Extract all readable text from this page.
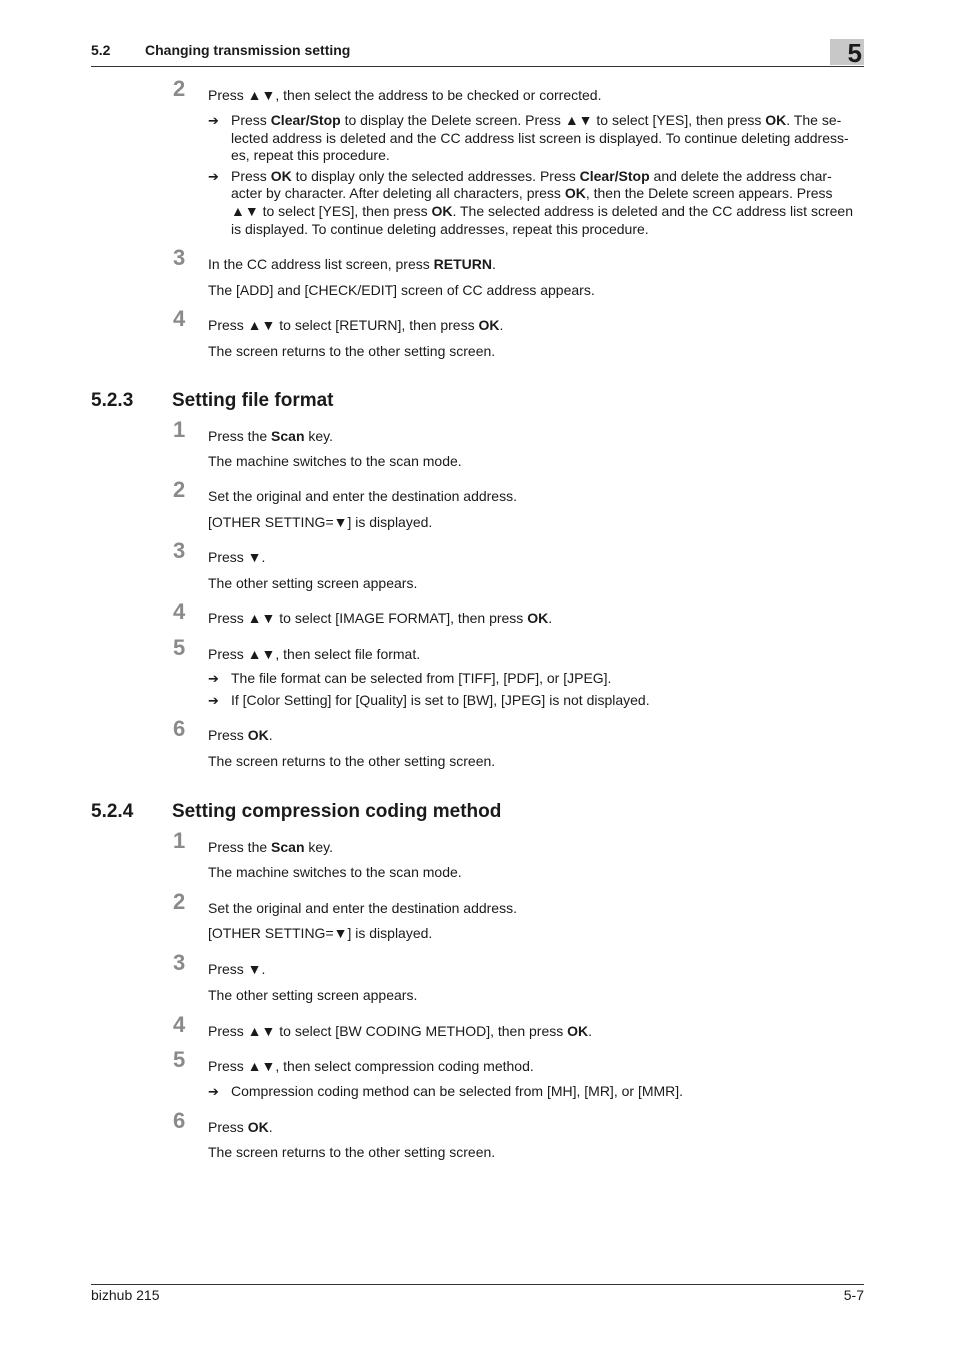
5.2 Changing transmission setting	5
2	Press ▲▼, then select the address to be checked or corrected.
➔ Press Clear/Stop to display the Delete screen. Press ▲▼ to select [YES], then press OK. The se-
lected address is deleted and the CC address list screen is displayed. To continue deleting address-
es, repeat this procedure.
➔ Press OK to display only the selected addresses. Press Clear/Stop and delete the address char-
acter by character. After deleting all characters, press OK, then the Delete screen appears. Press
▲▼ to select [YES], then press OK. The selected address is deleted and the CC address list screen
is displayed. To continue deleting addresses, repeat this procedure.
3	In the CC address list screen, press RETURN.
The [ADD] and [CHECK/EDIT] screen of CC address appears.
4	Press ▲▼ to select [RETURN], then press OK.
The screen returns to the other setting screen.
5.2.3	Setting file format
1	Press the Scan key.
The machine switches to the scan mode.
2	Set the original and enter the destination address.
[OTHER SETTING=▼] is displayed.
3	Press ▼.
The other setting screen appears.
4	Press ▲▼ to select [IMAGE FORMAT], then press OK.
5	Press ▲▼, then select file format.
➔ The file format can be selected from [TIFF], [PDF], or [JPEG].
➔ If [Color Setting] for [Quality] is set to [BW], [JPEG] is not displayed.
6	Press OK.
The screen returns to the other setting screen.
5.2.4	Setting compression coding method
1	Press the Scan key.
The machine switches to the scan mode.
2	Set the original and enter the destination address.
[OTHER SETTING=▼] is displayed.
3	Press ▼.
The other setting screen appears.
4	Press ▲▼ to select [BW CODING METHOD], then press OK.
5	Press ▲▼, then select compression coding method.
➔ Compression coding method can be selected from [MH], [MR], or [MMR].
6	Press OK.
The screen returns to the other setting screen.
bizhub 215	5-7
